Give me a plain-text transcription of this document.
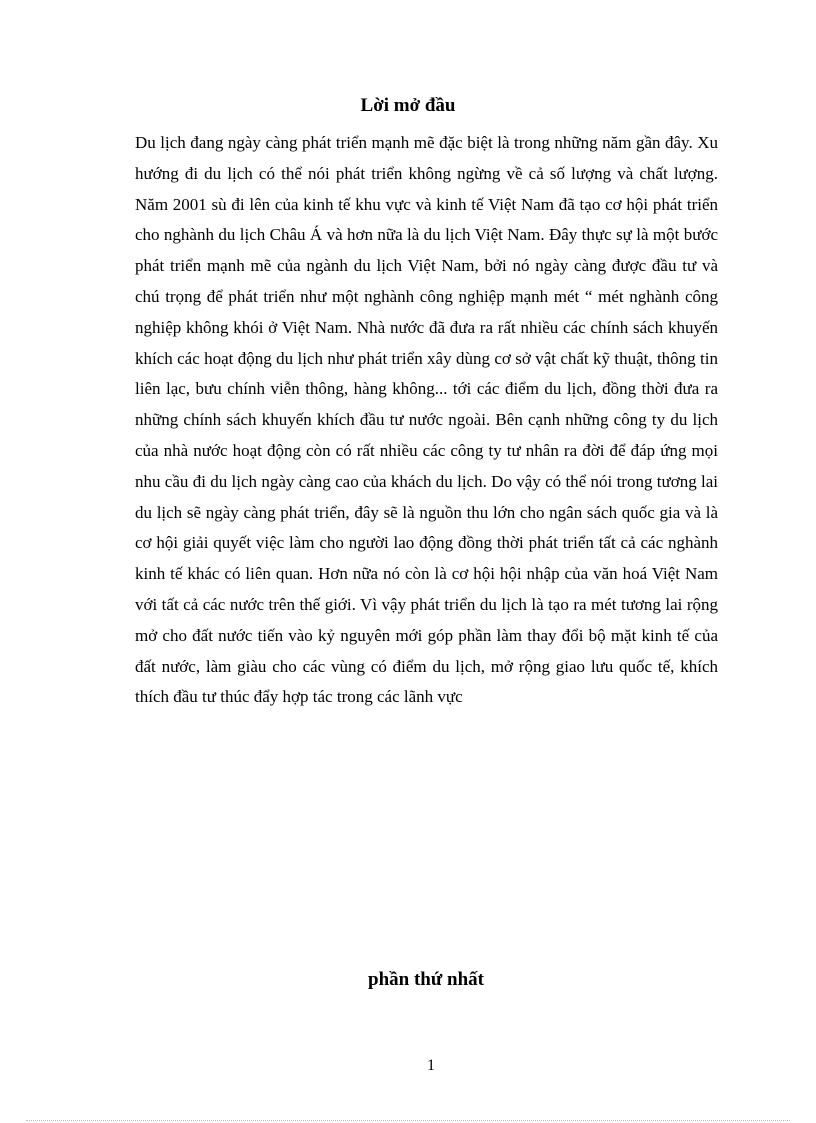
Lời mở đầu

Du lịch đang ngày càng phát triển mạnh mẽ đặc biệt là trong những năm gần đây. Xu hướng đi du lịch có thể nói phát triển không ngừng về cả số lượng và chất lượng. Năm 2001 sù đi lên của kinh tế khu vực và kinh tế Việt Nam đã tạo cơ hội phát triển cho nghành du lịch Châu Á và hơn nữa là du lịch Việt Nam. Đây thực sự là một bước phát triển mạnh mẽ của ngành du lịch Việt Nam, bởi nó ngày càng được đầu tư và chú trọng để phát triển như một nghành công nghiệp mạnh mét “ mét nghành công nghiệp không khói ở Việt Nam. Nhà nước đã đưa ra rất nhiều các chính sách khuyến khích các hoạt động du lịch như phát triển xây dùng cơ sở vật chất kỹ thuật, thông tin liên lạc, bưu chính viễn thông, hàng không... tới các điểm du lịch, đồng thời đưa ra những chính sách khuyến khích đầu tư nước ngoài. Bên cạnh những công ty du lịch của nhà nước hoạt động còn có rất nhiều các công ty tư nhân ra đời để đáp ứng mọi nhu cầu đi du lịch ngày càng cao của khách du lịch. Do vậy có thể nói trong tương lai du lịch sẽ ngày càng phát triển, đây sẽ là nguồn thu lớn cho ngân sách quốc gia và là cơ hội giải quyết việc làm cho người lao động đồng thời phát triển tất cả các nghành kinh tế khác có liên quan. Hơn nữa nó còn là cơ hội hội nhập của văn hoá Việt Nam với tất cả các nước trên thế giới. Vì vậy phát triển du lịch là tạo ra mét tương lai rộng mở cho đất nước tiến vào kỷ nguyên mới góp phần làm thay đổi bộ mặt kinh tế của đất nước, làm giàu cho các vùng có điểm du lịch, mở rộng giao lưu quốc tế, khích thích đầu tư thúc đẩy hợp tác trong các lãnh vực

phần thứ nhất
1
